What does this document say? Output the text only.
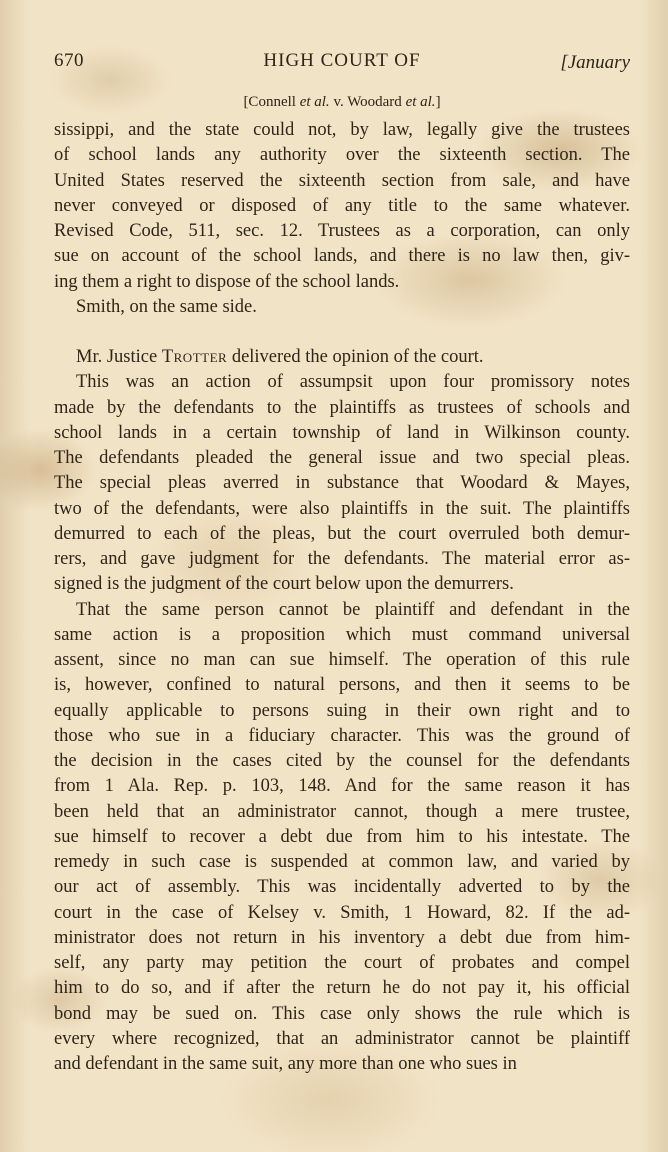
670	HIGH COURT OF	[January
[Connell et al. v. Woodard et al.]
sissippi, and the state could not, by law, legally give the trustees
of school lands any authority over the sixteenth section. The
United States reserved the sixteenth section from sale, and have
never conveyed or disposed of any title to the same whatever.
Revised Code, 511, sec. 12. Trustees as a corporation, can only
sue on account of the school lands, and there is no law then, giv-
ing them a right to dispose of the school lands.
Smith, on the same side.
Mr. Justice Trotter delivered the opinion of the court.
This was an action of assumpsit upon four promissory notes
made by the defendants to the plaintiffs as trustees of schools and
school lands in a certain township of land in Wilkinson county.
The defendants pleaded the general issue and two special pleas.
The special pleas averred in substance that Woodard & Mayes,
two of the defendants, were also plaintiffs in the suit. The plaintiffs
demurred to each of the pleas, but the court overruled both demur-
rers, and gave judgment for the defendants. The material error as-
signed is the judgment of the court below upon the demurrers.
That the same person cannot be plaintiff and defendant in the
same action is a proposition which must command universal
assent, since no man can sue himself. The operation of this rule
is, however, confined to natural persons, and then it seems to be
equally applicable to persons suing in their own right and to
those who sue in a fiduciary character. This was the ground of
the decision in the cases cited by the counsel for the defendants
from 1 Ala. Rep. p. 103, 148. And for the same reason it has
been held that an administrator cannot, though a mere trustee,
sue himself to recover a debt due from him to his intestate. The
remedy in such case is suspended at common law, and varied by
our act of assembly. This was incidentally adverted to by the
court in the case of Kelsey v. Smith, 1 Howard, 82. If the ad-
ministrator does not return in his inventory a debt due from him-
self, any party may petition the court of probates and compel
him to do so, and if after the return he do not pay it, his official
bond may be sued on. This case only shows the rule which is
every where recognized, that an administrator cannot be plaintiff
and defendant in the same suit, any more than one who sues in
